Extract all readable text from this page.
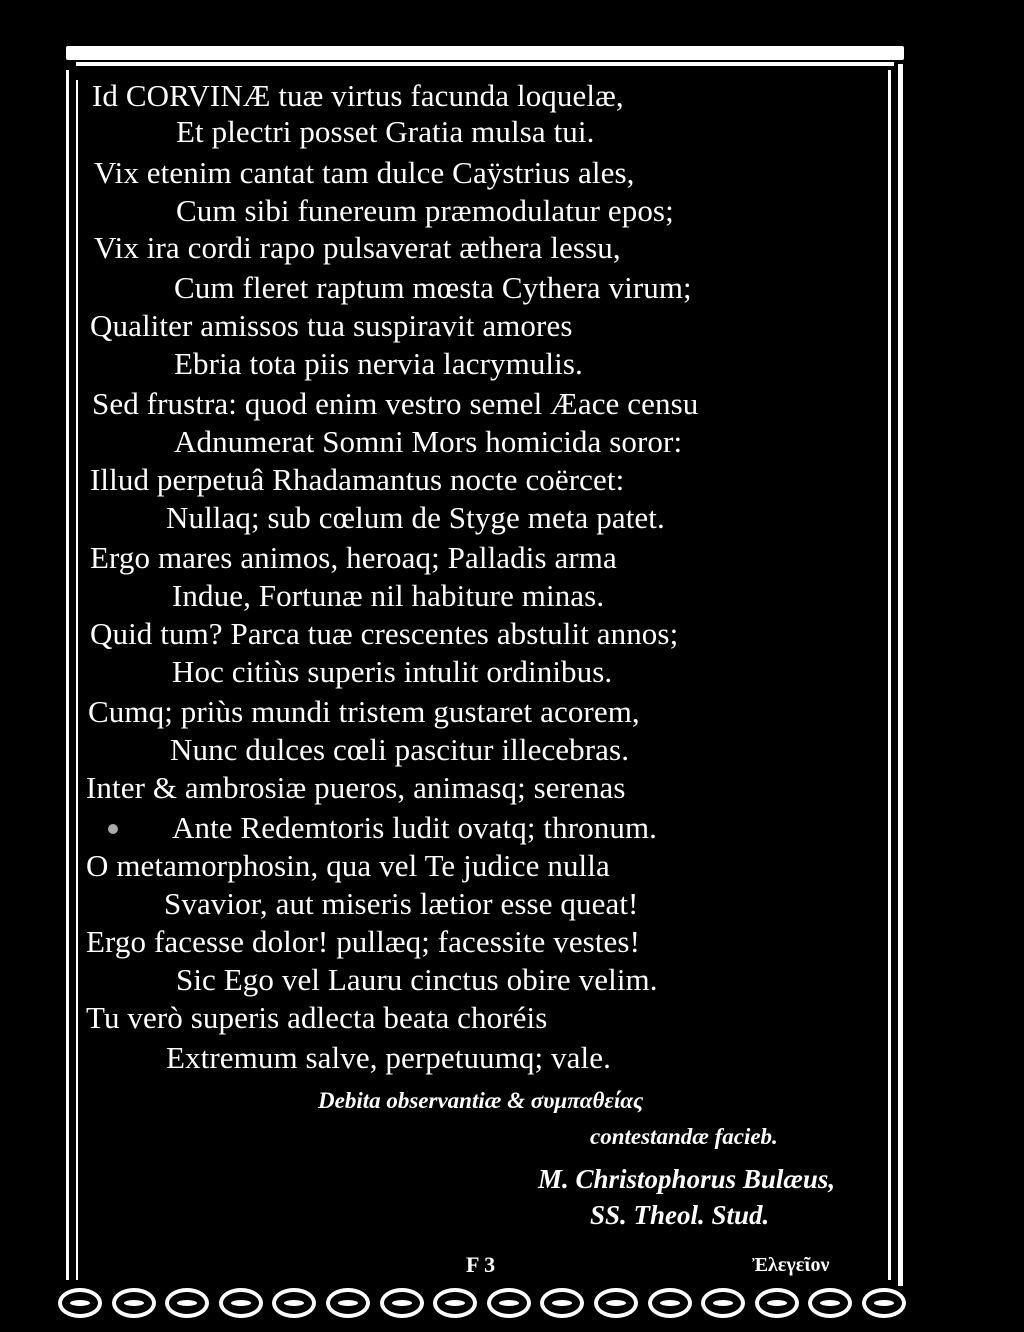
Id CORVINÆ tuæ virtus facunda loquelæ,
Et plectri posset Gratia mulsa tui.
Vix etenim cantat tam dulce Caÿstrius ales,
Cum sibi funereum præmodulatur epos;
Vix ira cordi rapo pulsaverat æthera lessu,
Cum fleret raptum mœsta Cythera virum;
Qualiter amissos tua suspiravit amores
Ebria tota piis nervia lacrymulis.
Sed frustra: quod enim vestro semel Æace censu
Adnumerat Somni Mors homicida soror:
Illud perpetuâ Rhadamantus nocte coërcet:
Nullaq; sub cœlum de Styge meta patet.
Ergo mares animos, heroaq; Palladis arma
Indue, Fortunæ nil habiture minas.
Quid tum? Parca tuæ crescentes abstulit annos;
Hoc citiùs superis intulit ordinibus.
Cumq; priùs mundi tristem gustaret acorem,
Nunc dulces cœli pascitur illecebras.
Inter & ambrosiæ pueros, animasq; serenas
Ante Redemtoris ludit ovatq; thronum.
O metamorphosin, qua vel Te judice nulla
Svavior, aut miseris lætior esse queat!
Ergo facesse dolor! pullæq; facessite vestes!
Sic Ego vel Lauru cinctus obire velim.
Tu verò superis adlecta beata choréis
Extremum salve, perpetuumq; vale.
Debita observantiæ & συμπαθείας
contestandæ facieb.
M. Christophorus Bulæus,
SS. Theol. Stud.
F 3	Ἐλεγεῖον
